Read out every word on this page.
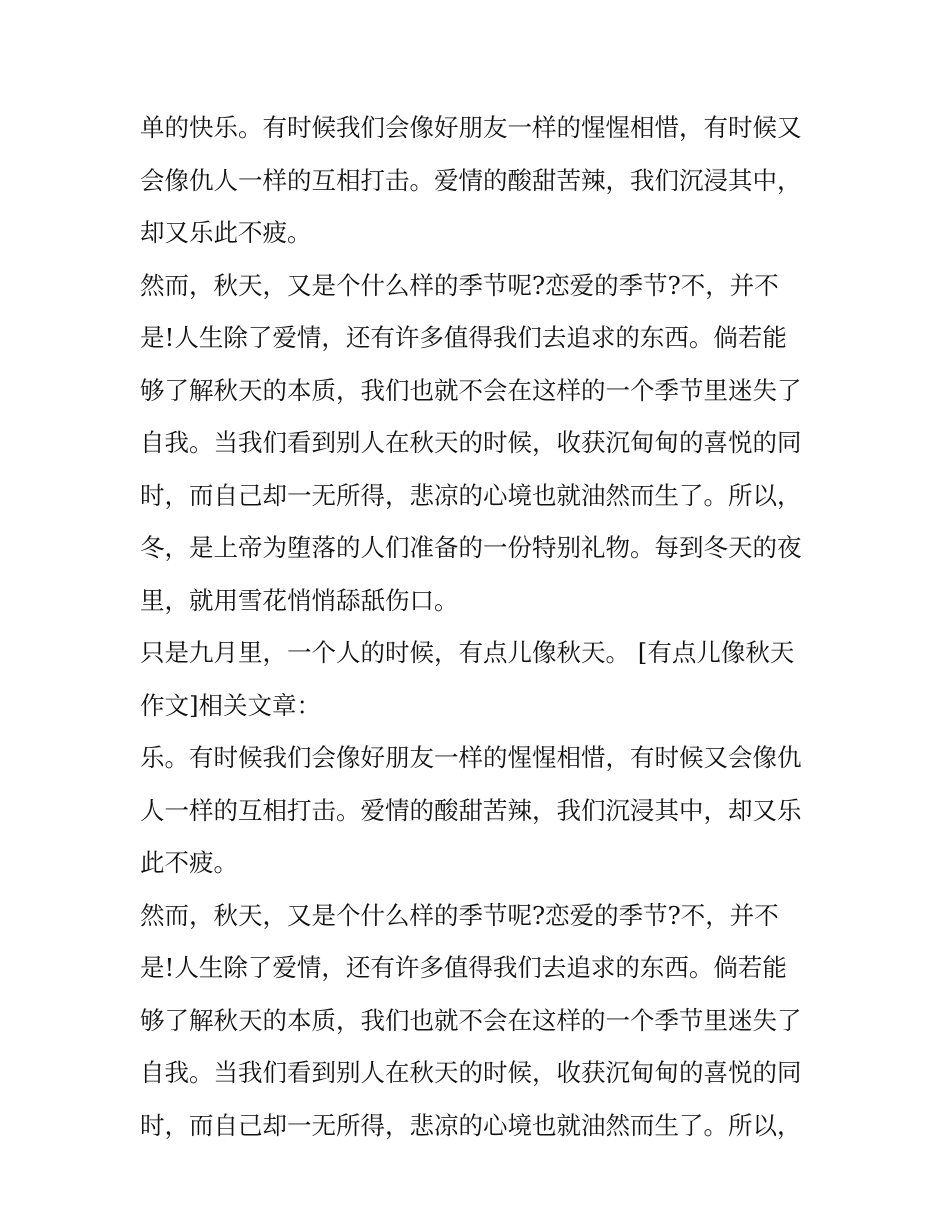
单的快乐。有时候我们会像好朋友一样的惺惺相惜，有时候又
会像仇人一样的互相打击。爱情的酸甜苦辣，我们沉浸其中，
却又乐此不疲。
然而，秋天，又是个什么样的季节呢?恋爱的季节?不，并不
是!人生除了爱情，还有许多值得我们去追求的东西。倘若能
够了解秋天的本质，我们也就不会在这样的一个季节里迷失了
自我。当我们看到别人在秋天的时候，收获沉甸甸的喜悦的同
时，而自己却一无所得，悲凉的心境也就油然而生了。所以，
冬，是上帝为堕落的人们准备的一份特别礼物。每到冬天的夜
里，就用雪花悄悄舔舐伤口。
只是九月里，一个人的时候，有点儿像秋天。 [有点儿像秋天
作文]相关文章：
乐。有时候我们会像好朋友一样的惺惺相惜，有时候又会像仇
人一样的互相打击。爱情的酸甜苦辣，我们沉浸其中，却又乐
此不疲。
然而，秋天，又是个什么样的季节呢?恋爱的季节?不，并不
是!人生除了爱情，还有许多值得我们去追求的东西。倘若能
够了解秋天的本质，我们也就不会在这样的一个季节里迷失了
自我。当我们看到别人在秋天的时候，收获沉甸甸的喜悦的同
时，而自己却一无所得，悲凉的心境也就油然而生了。所以，
